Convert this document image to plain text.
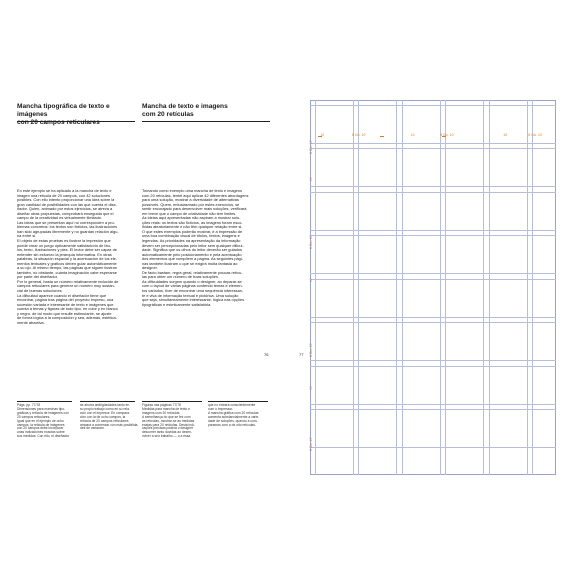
Mancha tipográfica de texto e imágenes
con 20 campos reticulares
Mancha de texto e imagens
com 20 retículas

En este ejemplo se ha aplicado a la mancha de texto e

imagen una retícula de 20 campos, con 42 soluciones

posibles. Con ello intento proporcionar una idea sobre la

gran cantidad de posibilidades con las que cuenta el dise-

ñador. Quien, animado por estos ejercicios, se atreva a

diseñar otras propuestas, comprobará enseguida que el

campo de la creatividad es virtualmente ilimitado.

Las ideas que se presentan aquí no corresponden a pro-

blemas concretos: los textos son ficticios, las ilustraciones

han sido agrupadas libremente y no guardan relación algu-

na entre sí.

El objeto de estas pruebas es ilustrar la impresión que

puede crear un juego ópticamente satisfactorio de títu-

los, texto, ilustraciones y pies. El lector debe ser capaz de

entender sin esfuerzo la jerarquía informativa. En otras

palabras, la situación espacial y la acentuación de los ele-

mentos textuales y gráficos deben guiar automáticamente

a su ojo. Al mismo tiempo, las páginas que siguen ilustran

también, no obstante, cuánta imaginación cabe esperarse

por parte del diseñador.

Por lo general, basta un número relativamente reducido de

campos reticulares para generar un número muy sustan-

cial de buenas soluciones.

La dificultad aparece cuando el diseñador tiene que

encontrar, página tras página del proyecto impreso, una

sucesión variada e interesante de texto e imágenes que

cuenta a temas y figuras de todo tipo, en color y en blanco

y negro, de tal modo que resulte estimulante, se ajuste

de forma lógica a la composición y sea, además, estética-

mente atractiva.

Tomando como exemplo uma mancha de texto e imagens

com 20 retículas, tentei aqui aplicar 42 diferentes abordagens

para uma solução, mostrar a diversidade de alternativas

possíveis. Quem, entusiasmado por estes exercícios, se

sentir encorajado para desenvolver mais soluções, verificará

em breve que o campo de criatividade não tem limites.

As ideias aqui apresentadas não aspiram a mostrar solu-

ções reais: os textos são fictícios, as imagens foram esco-

lhidas aleatoriamente e não têm qualquer relação entre si.

O que estes exemplos poderão mostrar, é a impressão de

uma boa combinação visual de títulos, textos, imagens e

legendas. As prioridades na apresentação da informação

devem ser percepcionadas pelo leitor sem qualquer dificul-

dade. Significa que os olhos do leitor deverão ser guiados

automaticamente pelo posicionamento e pela acentuação

dos elementos que compõem a página. As seguintes pági-

nas também ilustram o que se exigirá muita fantasia ao

designer.

De facto bastam, regra geral, relativamente poucas retícu-

las para obter um número de boas soluções.

As dificuldades surgem quando o designer, ao deparar-se

com o layout de várias páginas contendo temas e elemen-

tos variados, tiver de encontrar uma sequência interessan-

te e viva de informação textual e pictórica. Uma solução

que seja, simultaneamente interessante, lógica nas opções

tipográficas e esteticamente satisfatória.

Págs. pp. 77/78

Dimensiones para manchas tipo-

gráficas y retícula de imágenes con

20 campos reticulares.

Igual que en el ejemplo de ocho

campos, la retícula de imágenes

con 20 campos debe incorporar

unas indicaciones exactas sobre

sus medidas. Con ello, el diseñador

se ahorra ambigüedades tanto en

su propio trabajo como en su rela-

ción con el impresor. En compara-

ción con la de ocho campos, la

retícula de 20 campos reticulares

ampara a comenzar con más posibilida-

des de variación.

Figuras nas páginas 77/78

Medidas para mancha de texto e

imagens com 20 retículas

A semelhança do que se fez com

as retículas, mostrar-se as medidas

exatas para 20 retículas. Desta indi-

cações precisas poderá o designer

descorrer tanto dúvidas ao desen-

volver a seu trabalho — o a essa

que no entrará conscientemente

com o impressor.

A mancha gráfica com 20 retículas

aumenta substancialmente a varie-

dade de soluções, quando a com-

paramos com a de oito retículas.

76	77
10	8 Cic. 10'	10	8 Cic. 10'	10	8 Cic. 10'
8 Cic. 10'
10
8 Cic. 10'
10
8 Cic. 10'
10
8 Cic. 10'
